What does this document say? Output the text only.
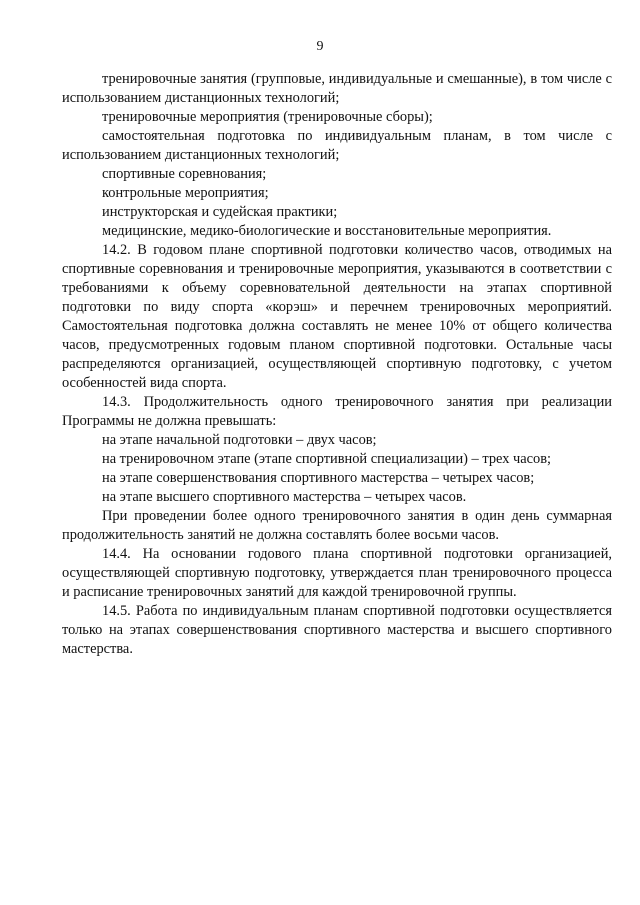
9

тренировочные занятия (групповые, индивидуальные и смешанные), в том числе с использованием дистанционных технологий;

тренировочные мероприятия (тренировочные сборы);

самостоятельная подготовка по индивидуальным планам, в том числе с использованием дистанционных технологий;

спортивные соревнования;

контрольные мероприятия;

инструкторская и судейская практики;

медицинские, медико-биологические и восстановительные мероприятия.

14.2. В годовом плане спортивной подготовки количество часов, отводимых на спортивные соревнования и тренировочные мероприятия, указываются в соответствии с требованиями к объему соревновательной деятельности на этапах спортивной подготовки по виду спорта «корэш» и перечнем тренировочных мероприятий. Самостоятельная подготовка должна составлять не менее 10% от общего количества часов, предусмотренных годовым планом спортивной подготовки. Остальные часы распределяются организацией, осуществляющей спортивную подготовку, с учетом особенностей вида спорта.

14.3. Продолжительность одного тренировочного занятия при реализации Программы не должна превышать:

на этапе начальной подготовки – двух часов;

на тренировочном этапе (этапе спортивной специализации) – трех часов;

на этапе совершенствования спортивного мастерства – четырех часов;

на этапе высшего спортивного мастерства – четырех часов.

При проведении более одного тренировочного занятия в один день суммарная продолжительность занятий не должна составлять более восьми часов.

14.4. На основании годового плана спортивной подготовки организацией, осуществляющей спортивную подготовку, утверждается план тренировочного процесса и расписание тренировочных занятий для каждой тренировочной группы.

14.5. Работа по индивидуальным планам спортивной подготовки осуществляется только на этапах совершенствования спортивного мастерства и высшего спортивного мастерства.
